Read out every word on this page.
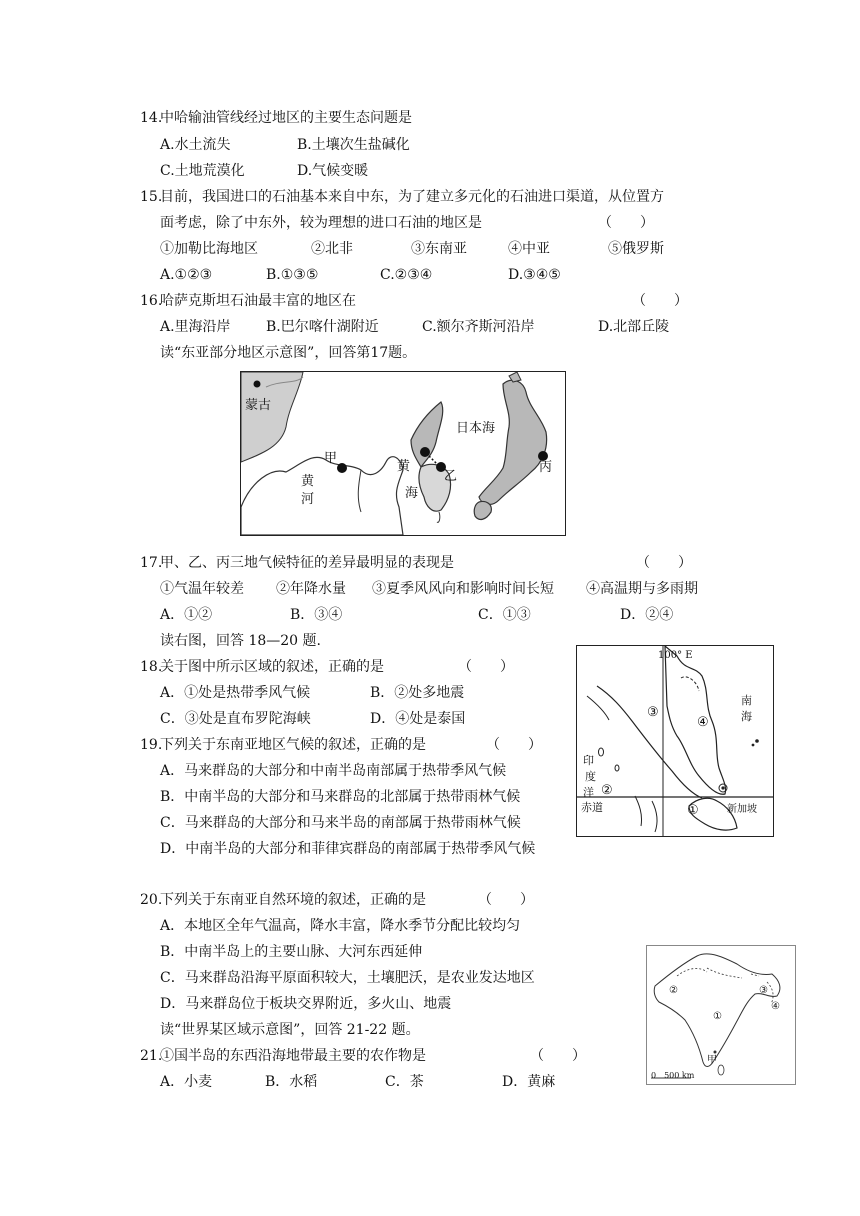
14.
中哈输油管线经过地区的主要生态问题是
A.水土流失	B.土壤次生盐碱化
C.土地荒漠化	D.气候变暖
15.
目前，我国进口的石油基本来自中东，为了建立多元化的石油进口渠道，从位置方
面考虑，除了中东外，较为理想的进口石油的地区是	（　　）
①加勒比海地区	②北非	③东南亚	④中亚	⑤俄罗斯
A.①②③	B.①③⑤	C.②③④	D.③④⑤
16.
哈萨克斯坦石油最丰富的地区在	（　　）
A.里海沿岸	B.巴尔喀什湖附近	C.额尔齐斯河沿岸	D.北部丘陵
读“东亚部分地区示意图”，回答第17题。
蒙古
日本海
甲
乙
丙
黄
河
黄
海
17.
甲、乙、丙三地气候特征的差异最明显的表现是	（　　）
①气温年较差 ②年降水量 ③夏季风风向和影响时间长短 ④高温期与多雨期
A．①②	B．③④	C．①③	D．②④
读右图，回答 18—20 题.
18.
关于图中所示区域的叙述，正确的是	（　　）
A．①处是热带季风气候	B．②处多地震
C．③处是直布罗陀海峡	D．④处是泰国
19.
下列关于东南亚地区气候的叙述，正确的是	（　　）
A．马来群岛的大部分和中南半岛南部属于热带季风气候
B．中南半岛的大部分和马来群岛的北部属于热带雨林气候
C．马来群岛的大部分和马来半岛的南部属于热带雨林气候
D．中南半岛的大部分和菲律宾群岛的南部属于热带季风气候
100° E
南
海
印
度
洋
赤道	新加坡
①
②
③
④
20.
下列关于东南亚自然环境的叙述，正确的是	（　　）
A．本地区全年气温高，降水丰富，降水季节分配比较均匀
B．中南半岛上的主要山脉、大河东西延伸
C．马来群岛沿海平原面积较大，土壤肥沃，是农业发达地区
D．马来群岛位于板块交界附近，多火山、地震
读“世界某区域示意图”，回答 21-22 题。
21.
①国半岛的东西沿海地带最主要的农作物是	（　　）
A．小麦	B．水稻	C．茶	D．黄麻
②	③
④
①
甲
0　500 km
